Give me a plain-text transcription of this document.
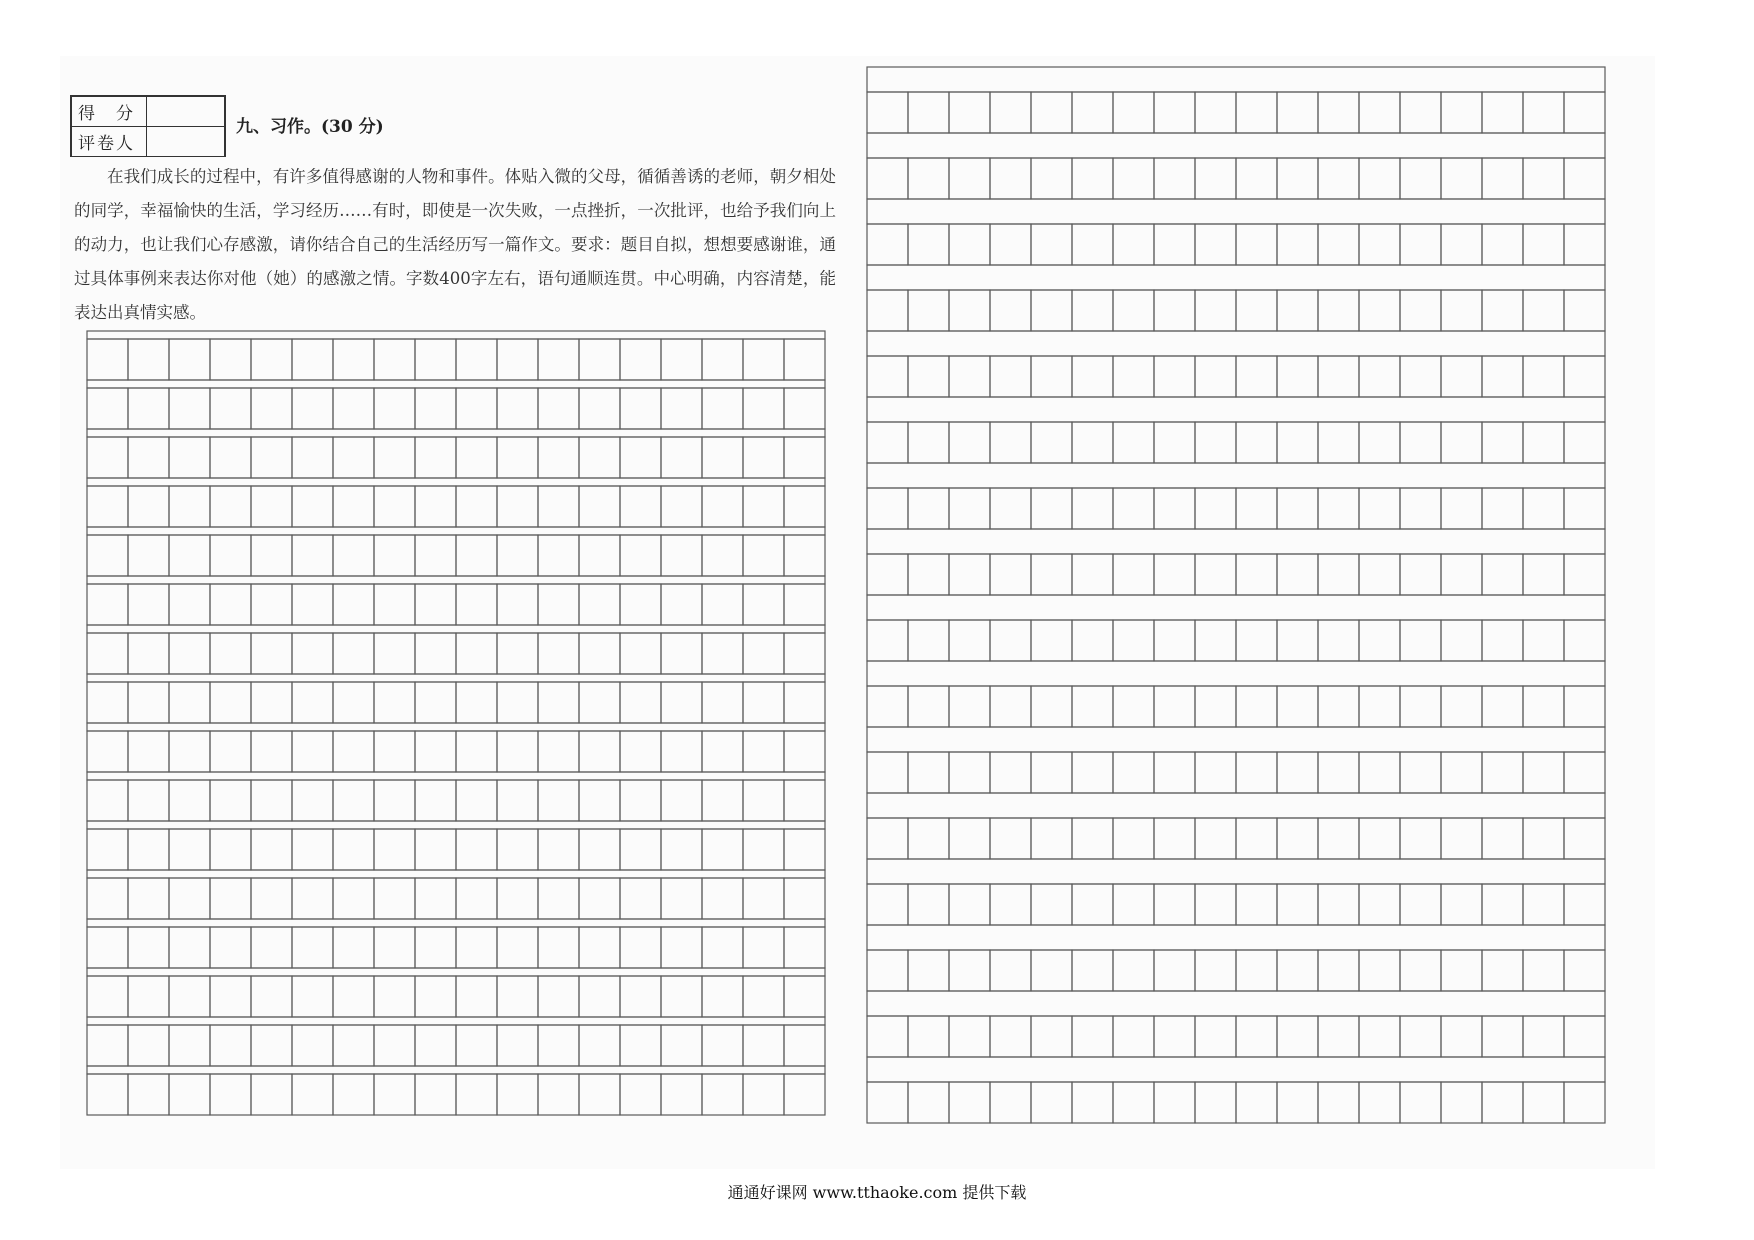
得　分	
评卷人	
九、习作。(30 分)

在我们成长的过程中，有许多值得感谢的人物和事件。体贴入微的父母，循循善诱的老师，朝夕相处的同学，幸福愉快的生活，学习经历……有时，即使是一次失败，一点挫折，一次批评，也给予我们向上的动力，也让我们心存感激，请你结合自己的生活经历写一篇作文。要求：题目自拟，想想要感谢谁，通过具体事例来表达你对他（她）的感激之情。字数400字左右，语句通顺连贯。中心明确，内容清楚，能表达出真情实感。

通通好课网 www.tthaoke.com 提供下载
